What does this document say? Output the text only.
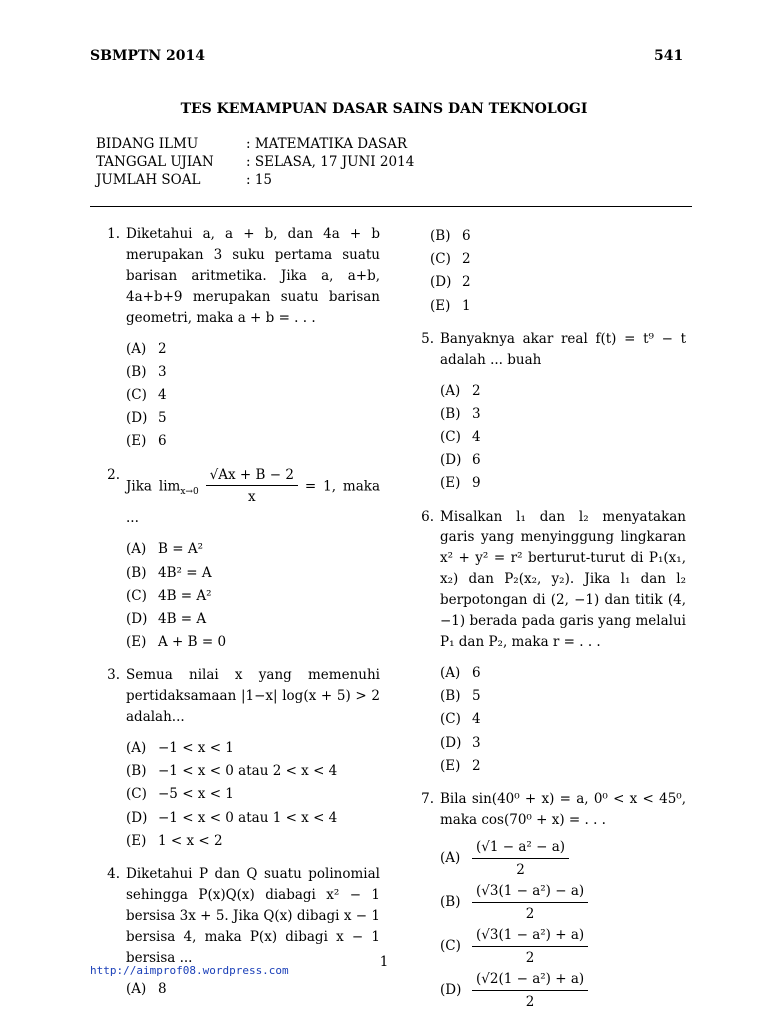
SBMPTN 2014	541
TES KEMAMPUAN DASAR SAINS DAN TEKNOLOGI
BIDANG ILMU	: MATEMATIKA DASAR
TANGGAL UJIAN	: SELASA, 17 JUNI 2014
JUMLAH SOAL	: 15
1. Diketahui a, a + b, dan 4a + b merupakan 3 suku pertama suatu barisan aritmetika. Jika a, a+b, 4a+b+9 merupakan suatu barisan geometri, maka a + b = . . .
(A) 2
(B) 3
(C) 4
(D) 5
(E) 6
2.
Jika $\lim_{x\to 0} \frac{√Ax + B - 2}{x} = 1$, maka ...
(A) B = A²
(B) 4B² = A
(C) 4B = A²
(D) 4B = A
(E) A + B = 0
3. Semua nilai x yang memenuhi pertidaksamaan |1−x| log(x + 5) > 2 adalah...
(A) −1 < x < 1
(B) −1 < x < 0 atau 2 < x < 4
(C) −5 < x < 1
(D) −1 < x < 0 atau 1 < x < 4
(E) 1 < x < 2
4. Diketahui P dan Q suatu polinomial sehingga P(x)Q(x) diabagi x² − 1 bersisa 3x + 5. Jika Q(x) dibagi x − 1 bersisa 4, maka P(x) dibagi x − 1 bersisa ...
(A) 8
(B) 6
(C) 2
(D) 2
(E) 1
5. Banyaknya akar real f(t) = t⁹ − t adalah ... buah
(A) 2
(B) 3
(C) 4
(D) 6
(E) 9
6. Misalkan l₁ dan l₂ menyatakan garis yang menyinggung lingkaran x² + y² = r² berturut-turut di P₁(x₁, x₂) dan P₂(x₂, y₂). Jika l₁ dan l₂ berpotongan di (2, −1) dan titik (4, −1) berada pada garis yang melalui P₁ dan P₂, maka r = . . .
(A) 6
(B) 5
(C) 4
(D) 3
(E) 2
7. Bila sin(40⁰ + x) = a, 0⁰ < x < 45⁰, maka cos(70⁰ + x) = . . .
$(A) \frac{\text{(√1 − a² − a)}}{2}$
$(B) \frac{\text{(√3(1 − a²) − a)}}{2}$
$(C) \frac{\text{(√3(1 − a²) + a)}}{2}$
$(D) \frac{\text{(√2(1 − a²) + a)}}{2}$
1
http://aimprof08.wordpress.com
